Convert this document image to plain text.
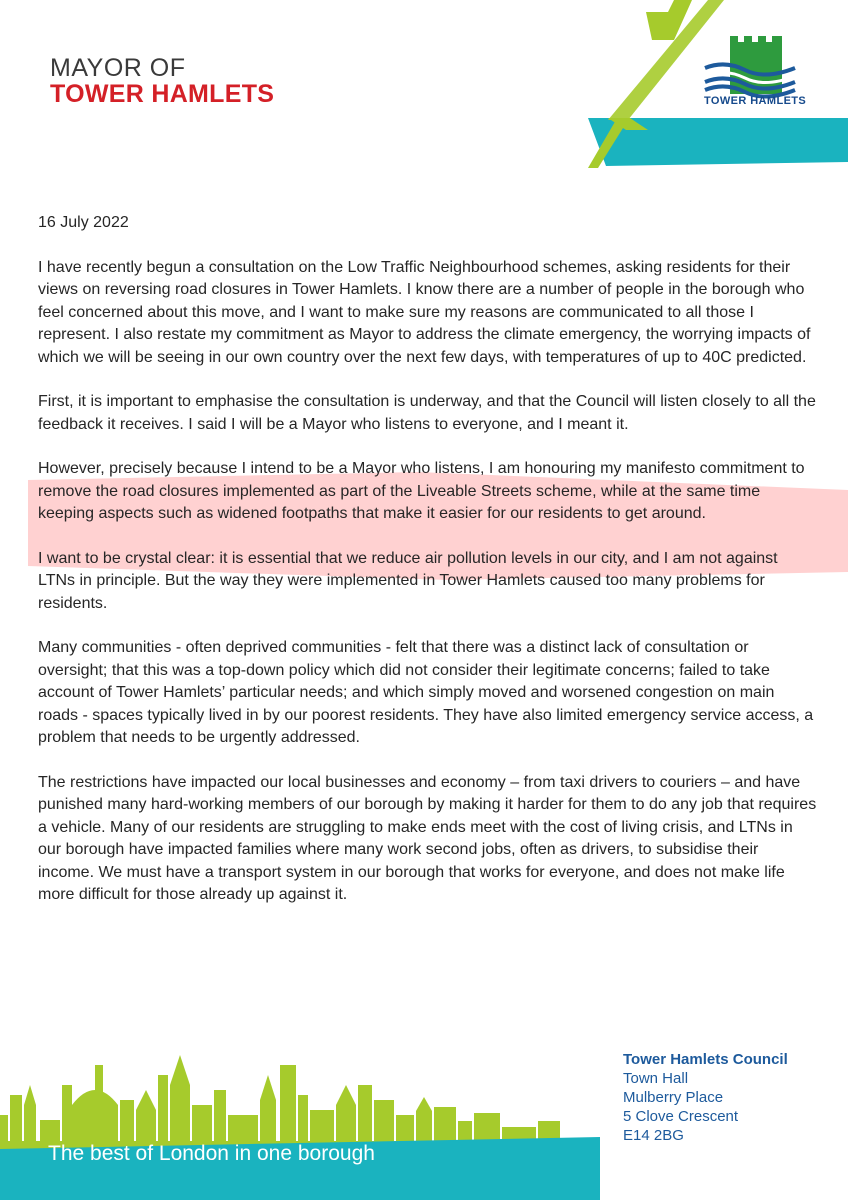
MAYOR OF
TOWER HAMLETS	TOWER HAMLETS

16 July 2022

I have recently begun a consultation on the Low Traffic Neighbourhood schemes, asking residents for their views on reversing road closures in Tower Hamlets. I know there are a number of people in the borough who feel concerned about this move, and I want to make sure my reasons are communicated to all those I represent. I also restate my commitment as Mayor to address the climate emergency, the worrying impacts of which we will be seeing in our own country over the next few days, with temperatures of up to 40C predicted.

First, it is important to emphasise the consultation is underway, and that the Council will listen closely to all the feedback it receives. I said I will be a Mayor who listens to everyone, and I meant it.

However, precisely because I intend to be a Mayor who listens, I am honouring my manifesto commitment to remove the road closures implemented as part of the Liveable Streets scheme, while at the same time keeping aspects such as widened footpaths that make it easier for our residents to get around.

I want to be crystal clear: it is essential that we reduce air pollution levels in our city, and I am not against LTNs in principle. But the way they were implemented in Tower Hamlets caused too many problems for residents.

Many communities - often deprived communities - felt that there was a distinct lack of consultation or oversight; that this was a top-down policy which did not consider their legitimate concerns; failed to take account of Tower Hamlets’ particular needs; and which simply moved and worsened congestion on main roads - spaces typically lived in by our poorest residents. They have also limited emergency service access, a problem that needs to be urgently addressed.

The restrictions have impacted our local businesses and economy – from taxi drivers to couriers – and have punished many hard-working members of our borough by making it harder for them to do any job that requires a vehicle. Many of our residents are struggling to make ends meet with the cost of living crisis, and LTNs in our borough have impacted families where many work second jobs, often as drivers, to subsidise their income. We must have a transport system in our borough that works for everyone, and does not make life more difficult for those already up against it.

The best of London in one borough
Tower Hamlets Council
Town Hall
Mulberry Place
5 Clove Crescent
E14 2BG
